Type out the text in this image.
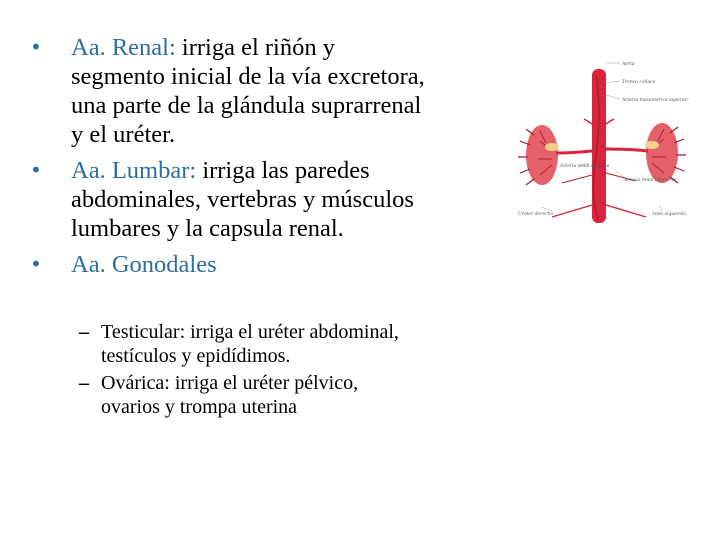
• Aa. Renal: irriga el riñón y
segmento inicial de la vía excretora,
una parte de la glándula suprarrenal
y el uréter.
• Aa. Lumbar: irriga las paredes
abdominales, vertebras y músculos
lumbares y la capsula renal.
• Aa. Gonodales
– Testicular: irriga el uréter abdominal,
testículos y epidídimos.
– Ovárica: irriga el uréter pélvico,
ovarios y trompa uterina
Aorta
Tronco celiaco
Arteria mesentérica superior
Arteria renal derecha
Arteria renal izquierda
Ureter derecho	Vena izquierda
